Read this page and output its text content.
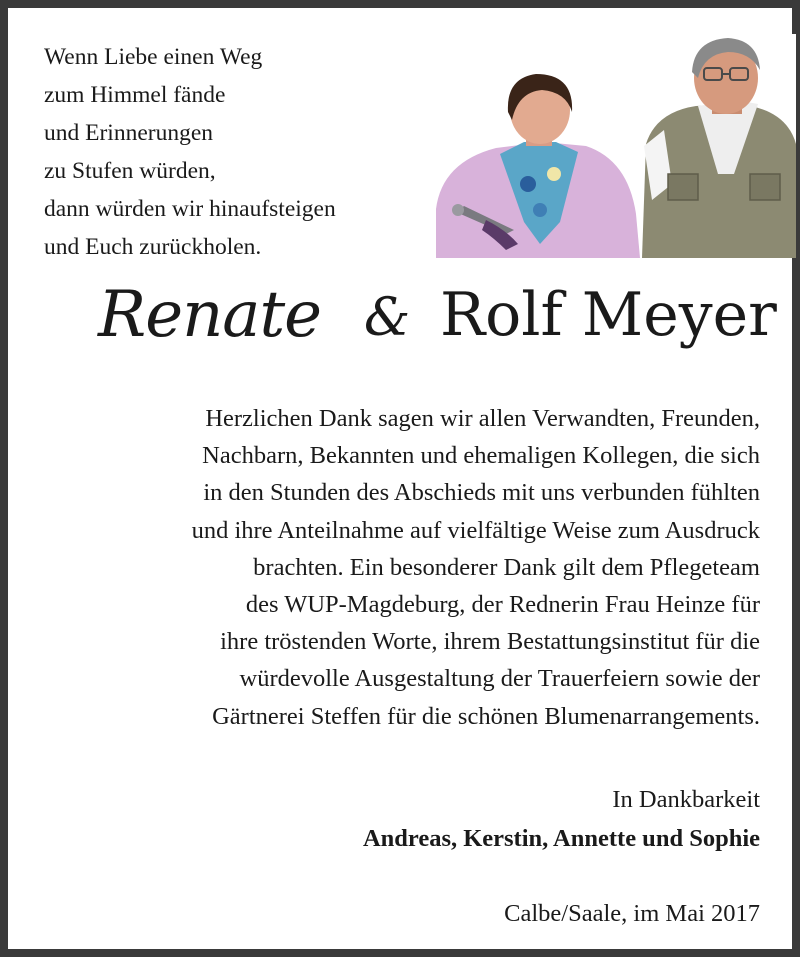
Wenn Liebe einen Weg
zum Himmel fände
und Erinnerungen
zu Stufen würden,
dann würden wir hinaufsteigen
und Euch zurückholen.
Renate & Rolf Meyer
Herzlichen Dank sagen wir allen Verwandten, Freunden,
Nachbarn, Bekannten und ehemaligen Kollegen, die sich
in den Stunden des Abschieds mit uns verbunden fühlten
und ihre Anteilnahme auf vielfältige Weise zum Ausdruck
brachten. Ein besonderer Dank gilt dem Pflegeteam
des WUP-Magdeburg, der Rednerin Frau Heinze für
ihre tröstenden Worte, ihrem Bestattungsinstitut für die
würdevolle Ausgestaltung der Trauerfeiern sowie der
Gärtnerei Steffen für die schönen Blumenarrangements.
In Dankbarkeit
Andreas, Kerstin, Annette und Sophie
Calbe/Saale, im Mai 2017
